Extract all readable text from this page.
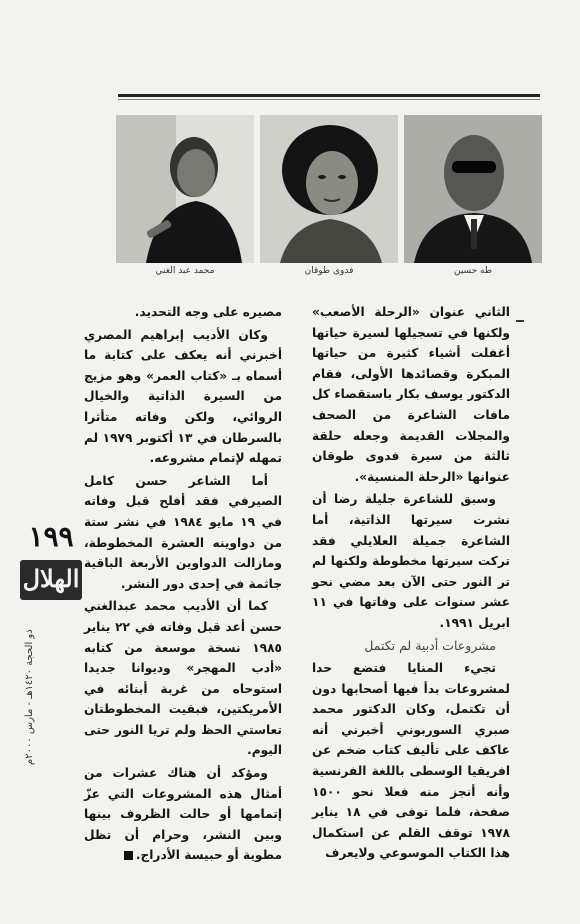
طه حسين
فدوى طوقان
محمد عبد الغني

الثاني عنوان «الرحلة الأصعب» ولكنها في تسجيلها لسيرة حياتها أغفلت أشياء كثيرة من حياتها المبكرة وقصائدها الأولى، فقام الدكتور يوسف بكار باستقصاء كل مافات الشاعرة من الصحف والمجلات القديمة وجعله حلقة ثالثة من سيرة فدوى طوقان عنوانها «الرحلة المنسية».

وسبق للشاعرة جليلة رضا أن نشرت سيرتها الذاتية، أما الشاعرة جميلة العلايلي فقد تركت سيرتها مخطوطة ولكنها لم تر النور حتى الآن بعد مضي نحو عشر سنوات على وفاتها في ١١ ابريل ١٩٩١.

مشروعات أدبية لم تكتمل

تجيء المنايا فتضع حدا لمشروعات بدأ فيها أصحابها دون أن تكتمل، وكان الدكتور محمد صبري السوربوني أخبرني أنه عاكف على تأليف كتاب ضخم عن افريقيا الوسطى باللغة الفرنسية وأنه أنجز منه فعلا نحو ١٥٠٠ صفحة، فلما توفى في ١٨ يناير ١٩٧٨ توقف القلم عن استكمال هذا الكتاب الموسوعي ولايعرف

مصيره على وجه التحديد.

وكان الأديب إبراهيم المصري أخبرني أنه يعكف على كتابة ما أسماه بـ «كتاب العمر» وهو مزيج من السيرة الذاتية والخيال الروائي، ولكن وفاته متأثرا بالسرطان في ١٣ أكتوبر ١٩٧٩ لم تمهله لإتمام مشروعه.

أما الشاعر حسن كامل الصيرفي فقد أفلح قبل وفاته في ١٩ مايو ١٩٨٤ في نشر ستة من دواوينه العشرة المخطوطة، ومازالت الدواوين الأربعة الباقية جاثمة في إحدى دور النشر.

كما أن الأديب محمد عبدالغني حسن أعد قبل وفاته في ٢٢ يناير ١٩٨٥ نسخة موسعة من كتابه «أدب المهجر» وديوانا جديدا استوحاه من غربة أبنائه في الأمريكتين، فبقيت المخطوطتان تعاستي الحظ ولم تريا النور حتى اليوم.

ومؤكد أن هناك عشرات من أمثال هذه المشروعات التي عزّ إتمامها أو حالت الظروف بينها وبين النشر، وحرام أن تظل مطوية أو حبيسة الأدراج.

١٩٩
الهلال
ذو الحجة ١٤٢٠هـ - مارس ٢٠٠٠م
